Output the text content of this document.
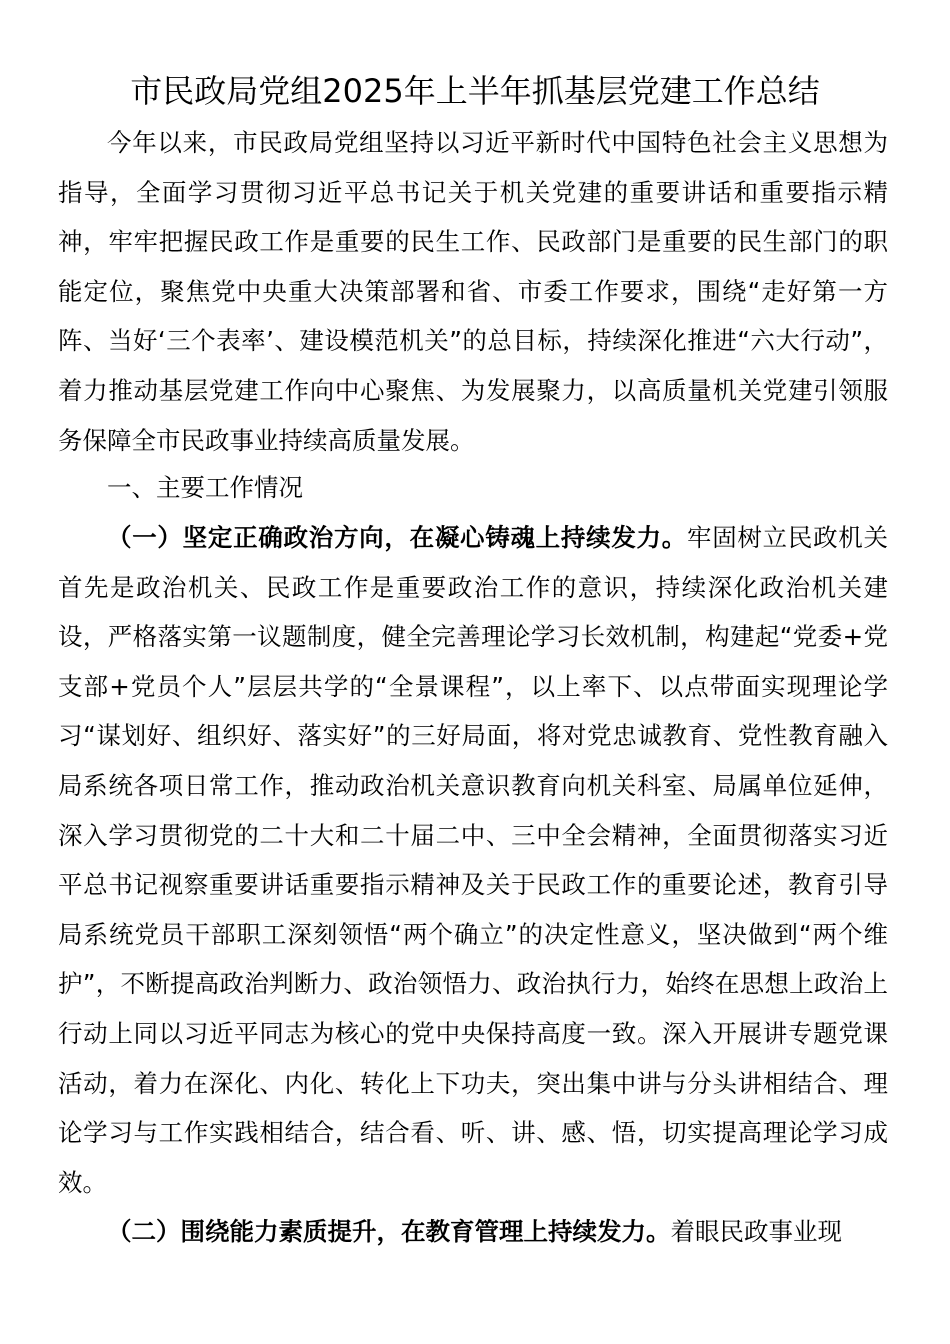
市民政局党组2025年上半年抓基层党建工作总结

今年以来，市民政局党组坚持以习近平新时代中国特色社会主义思想为指导，全面学习贯彻习近平总书记关于机关党建的重要讲话和重要指示精神，牢牢把握民政工作是重要的民生工作、民政部门是重要的民生部门的职能定位，聚焦党中央重大决策部署和省、市委工作要求，围绕“走好第一方阵、当好‘三个表率’、建设模范机关”的总目标，持续深化推进“六大行动”，着力推动基层党建工作向中心聚焦、为发展聚力，以高质量机关党建引领服务保障全市民政事业持续高质量发展。

一、主要工作情况

（一）坚定正确政治方向，在凝心铸魂上持续发力。牢固树立民政机关首先是政治机关、民政工作是重要政治工作的意识，持续深化政治机关建设，严格落实第一议题制度，健全完善理论学习长效机制，构建起“党委+党支部+党员个人”层层共学的“全景课程”，以上率下、以点带面实现理论学习“谋划好、组织好、落实好”的三好局面，将对党忠诚教育、党性教育融入局系统各项日常工作，推动政治机关意识教育向机关科室、局属单位延伸，深入学习贯彻党的二十大和二十届二中、三中全会精神，全面贯彻落实习近平总书记视察重要讲话重要指示精神及关于民政工作的重要论述，教育引导局系统党员干部职工深刻领悟“两个确立”的决定性意义，坚决做到“两个维护”，不断提高政治判断力、政治领悟力、政治执行力，始终在思想上政治上行动上同以习近平同志为核心的党中央保持高度一致。深入开展讲专题党课活动，着力在深化、内化、转化上下功夫，突出集中讲与分头讲相结合、理论学习与工作实践相结合，结合看、听、讲、感、悟，切实提高理论学习成效。

（二）围绕能力素质提升，在教育管理上持续发力。着眼民政事业现
